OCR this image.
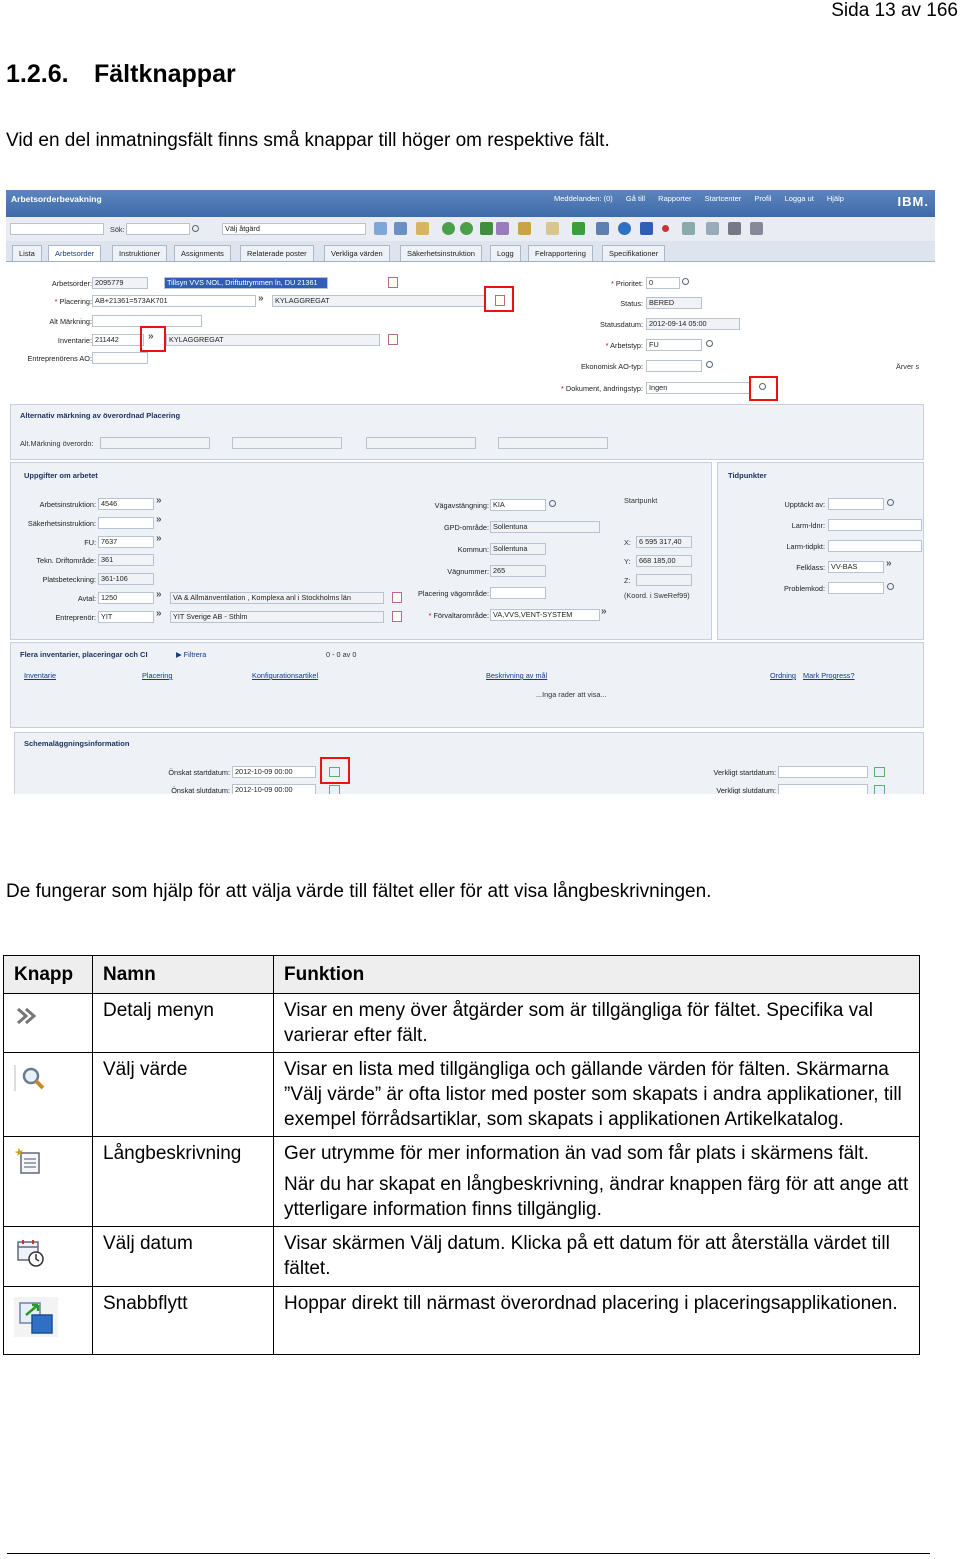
Sida 13 av 166
1.2.6. Fältknappar
Vid en del inmatningsfält finns små knappar till höger om respektive fält.
Arbetsorderbevakning	Meddelanden: (0) Gå till Rapporter Startcenter Profil Logga ut Hjälp	IBM.
Sök:	Välj åtgärd
Lista	Arbetsorder	Instruktioner	Assignments	Relaterade poster	Verkliga värden	Säkerhetsinstruktion	Logg	Felrapportering	Specifikationer
Arbetsorder: 2095779	Tillsyn VVS NOL, Driftuttrymmen ln, DU 21361
* Placering: AB+21361=573AK701	»	KYLAGGREGAT
Alt Märkning:
Inventarie: 211442	»	KYLAGGREGAT
Entreprenörens AO:
* Prioritet: 0
Status: BERED
Statusdatum: 2012-09-14 05:00
* Arbetstyp: FU
Ekonomisk AO-typ:
* Dokument, ändringstyp: Ingen
Ärver s
Alternativ märkning av överordnad Placering
Alt.Märkning överordn:
Uppgifter om arbetet
Arbetsinstruktion: 4546	»
Säkerhetsinstruktion:	»
FU: 7637	»
Tekn. Driftområde: 361
Platsbeteckning: 361-106
Avtal: 1250	»	VA & Allmänventilation , Komplexa anl i Stockholms län
Entreprenör: YIT	»	YIT Sverige AB - Sthlm
Vägavstängning: KIA
GPD-område: Sollentuna
Kommun: Sollentuna
Vägnummer: 265
Placering vägområde:
* Förvaltarområde: VA,VVS,VENT-SYSTEM	»
Startpunkt
X:	6 595 317,40
Y:	668 185,00
Z:
(Koord. i SweRef99)
Tidpunkter
Upptäckt av:
Larm-ldnr:
Larm-tidpkt:
Felklass: VV-BAS	»
Problemkod:
Flera inventarier, placeringar och CI	▶ Filtrera	0 - 0 av 0
Inventarie	Placering	Konfigurationsartikel	Beskrivning av mål	Ordning Mark Progress?
...Inga rader att visa...
Schemaläggningsinformation
Önskat startdatum: 2012-10-09 00:00
Önskat slutdatum: 2012-10-09 00:00
Verkligt startdatum:
Verkligt slutdatum:
De fungerar som hjälp för att välja värde till fältet eller för att visa långbeskrivningen.
Knapp	Namn	Funktion
	Detalj menyn	Visar en meny över åtgärder som är tillgängliga för fältet. Specifika val varierar efter fält.

	Välj värde	Visar en lista med tillgängliga och gällande värden för fälten. Skärmarna ”Välj värde” är ofta listor med poster som skapats i andra applikationer, till exempel förrådsartiklar, som skapats i applikationen Artikelkatalog.

	Långbeskrivning	Ger utrymme för mer information än vad som får plats i skärmens fält.

När du har skapat en långbeskrivning, ändrar knappen färg för att ange att ytterligare information finns tillgänglig.

	Välj datum	Visar skärmen Välj datum. Klicka på ett datum för att återställa värdet till fältet.

	Snabbflytt	Hoppar direkt till närmast överordnad placering i placeringsapplikationen.
